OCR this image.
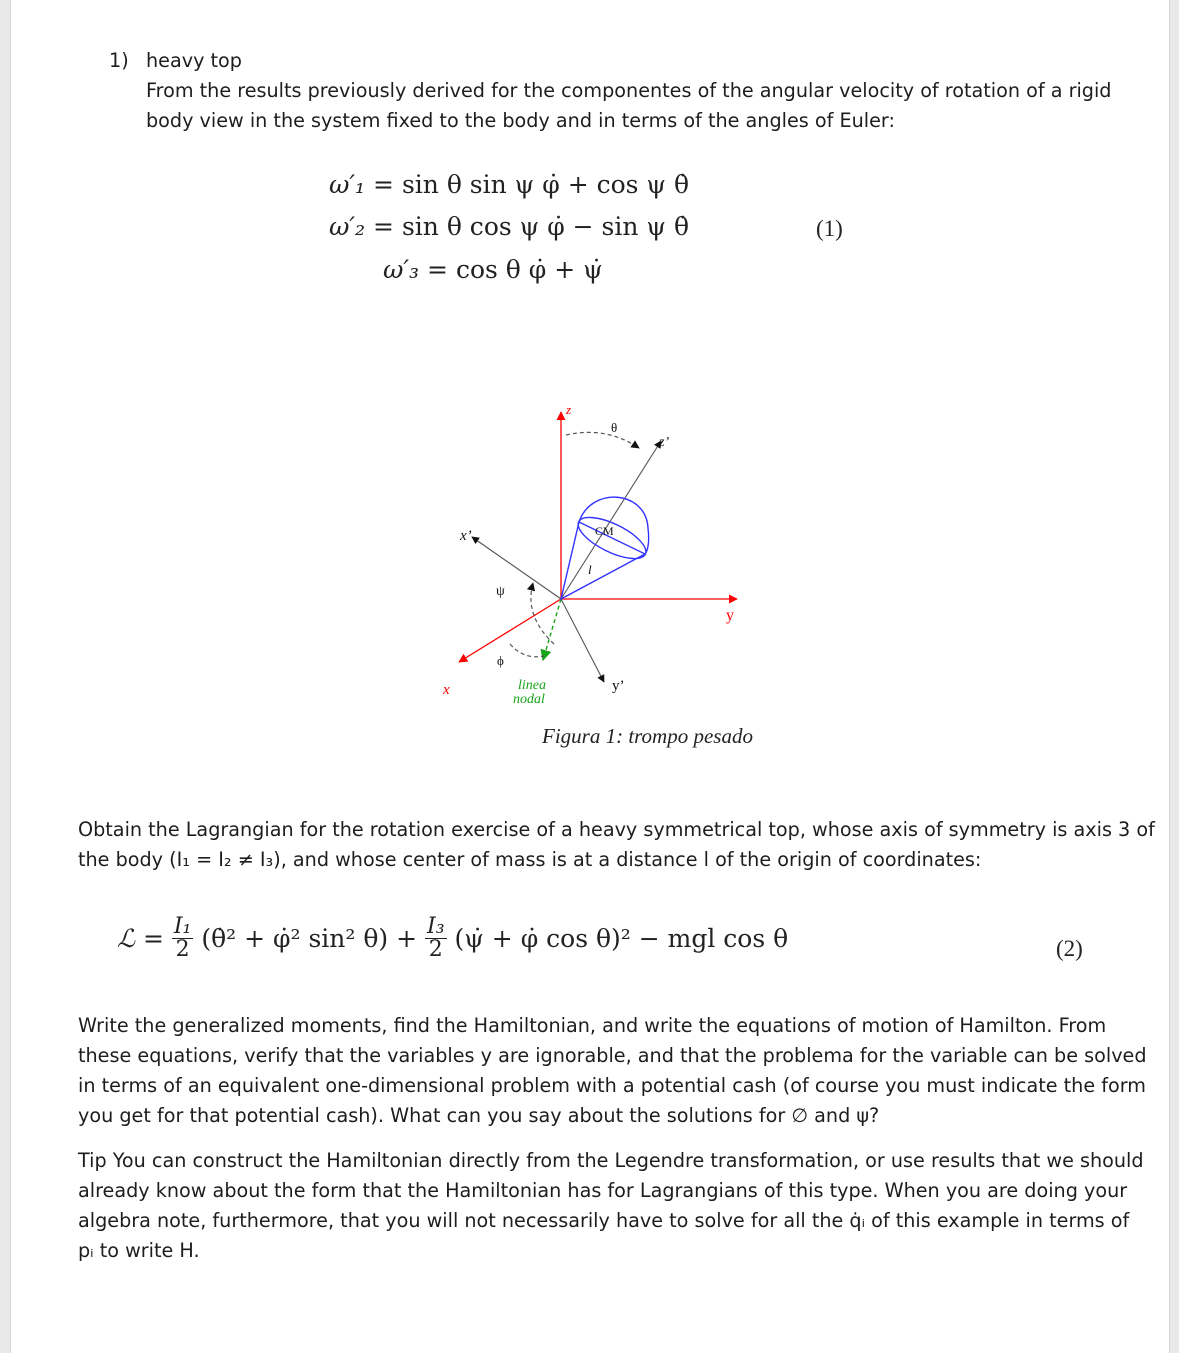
1) heavy top
From the results previously derived for the componentes of the angular velocity of rotation of a rigid
body view in the system fixed to the body and in terms of the angles of Euler:
ω′₁ = sin θ sin ψ φ̇ + cos ψ θ̇
ω′₂ = sin θ cos ψ φ̇ − sin ψ θ̇
ω′₃ = cos θ φ̇ + ψ̇
(1)
z
θ
z’
x’	CM
l
ψ
y
ϕ
x	linea
nodal
y’
Figura 1: trompo pesado
Obtain the Lagrangian for the rotation exercise of a heavy symmetrical top, whose axis of symmetry is axis 3 of
the body (I₁ = I₂ ≠ I₃), and whose center of mass is at a distance l of the origin of coordinates:
ℒ = $\frac{\text{I₁}}{2}$ (θ̇² + φ̇² sin² $\theta) + \frac{\text{I₃}}{2}$ (ψ̇ + φ̇ cos θ)² − mgl cos θ	(2)
Write the generalized moments, find the Hamiltonian, and write the equations of motion of Hamilton. From
these equations, verify that the variables y are ignorable, and that the problema for the variable can be solved
in terms of an equivalent one-dimensional problem with a potential cash (of course you must indicate the form
you get for that potential cash). What can you say about the solutions for ∅ and ψ?
Tip You can construct the Hamiltonian directly from the Legendre transformation, or use results that we should
already know about the form that the Hamiltonian has for Lagrangians of this type. When you are doing your
algebra note, furthermore, that you will not necessarily have to solve for all the q̇ᵢ of this example in terms of
pᵢ to write H.
